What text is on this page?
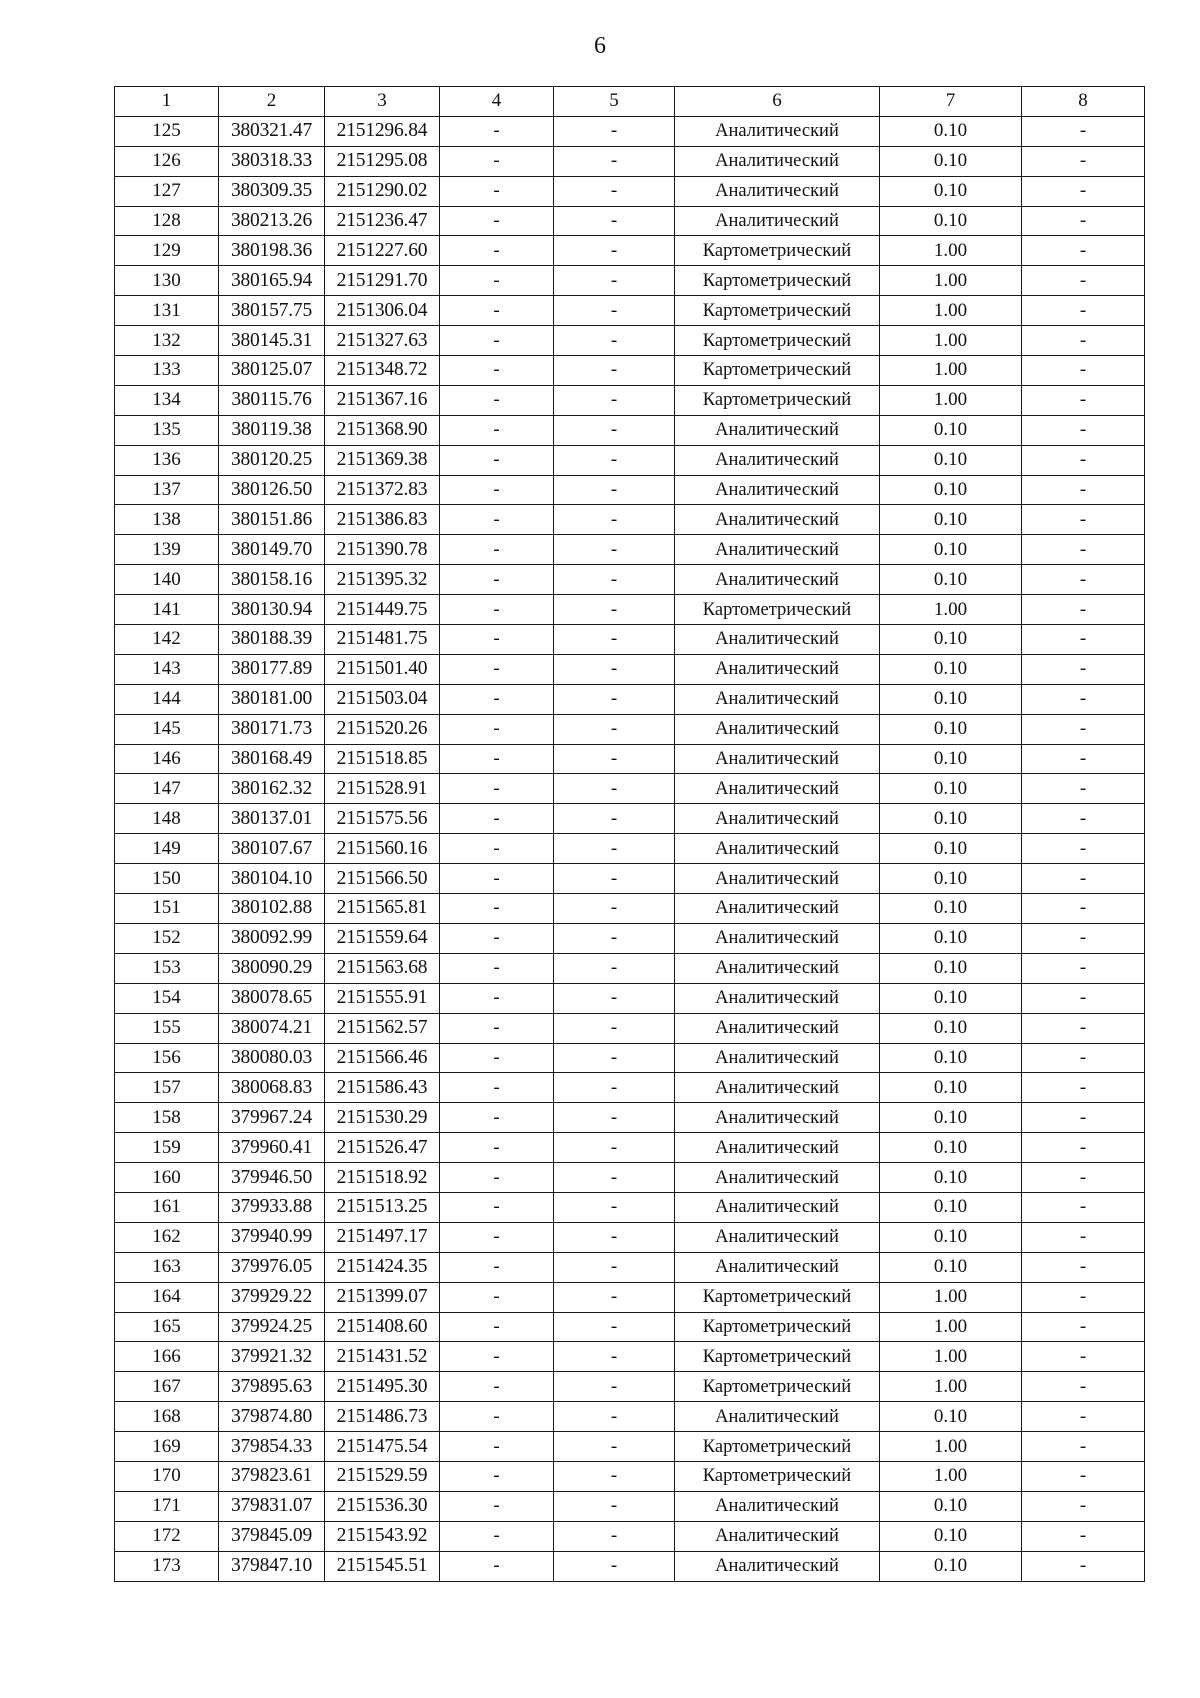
6
1	2	3	4	5	6	7	8
125	380321.47	2151296.84	-	-	Аналитический	0.10	-
126	380318.33	2151295.08	-	-	Аналитический	0.10	-
127	380309.35	2151290.02	-	-	Аналитический	0.10	-
128	380213.26	2151236.47	-	-	Аналитический	0.10	-
129	380198.36	2151227.60	-	-	Картометрический	1.00	-
130	380165.94	2151291.70	-	-	Картометрический	1.00	-
131	380157.75	2151306.04	-	-	Картометрический	1.00	-
132	380145.31	2151327.63	-	-	Картометрический	1.00	-
133	380125.07	2151348.72	-	-	Картометрический	1.00	-
134	380115.76	2151367.16	-	-	Картометрический	1.00	-
135	380119.38	2151368.90	-	-	Аналитический	0.10	-
136	380120.25	2151369.38	-	-	Аналитический	0.10	-
137	380126.50	2151372.83	-	-	Аналитический	0.10	-
138	380151.86	2151386.83	-	-	Аналитический	0.10	-
139	380149.70	2151390.78	-	-	Аналитический	0.10	-
140	380158.16	2151395.32	-	-	Аналитический	0.10	-
141	380130.94	2151449.75	-	-	Картометрический	1.00	-
142	380188.39	2151481.75	-	-	Аналитический	0.10	-
143	380177.89	2151501.40	-	-	Аналитический	0.10	-
144	380181.00	2151503.04	-	-	Аналитический	0.10	-
145	380171.73	2151520.26	-	-	Аналитический	0.10	-
146	380168.49	2151518.85	-	-	Аналитический	0.10	-
147	380162.32	2151528.91	-	-	Аналитический	0.10	-
148	380137.01	2151575.56	-	-	Аналитический	0.10	-
149	380107.67	2151560.16	-	-	Аналитический	0.10	-
150	380104.10	2151566.50	-	-	Аналитический	0.10	-
151	380102.88	2151565.81	-	-	Аналитический	0.10	-
152	380092.99	2151559.64	-	-	Аналитический	0.10	-
153	380090.29	2151563.68	-	-	Аналитический	0.10	-
154	380078.65	2151555.91	-	-	Аналитический	0.10	-
155	380074.21	2151562.57	-	-	Аналитический	0.10	-
156	380080.03	2151566.46	-	-	Аналитический	0.10	-
157	380068.83	2151586.43	-	-	Аналитический	0.10	-
158	379967.24	2151530.29	-	-	Аналитический	0.10	-
159	379960.41	2151526.47	-	-	Аналитический	0.10	-
160	379946.50	2151518.92	-	-	Аналитический	0.10	-
161	379933.88	2151513.25	-	-	Аналитический	0.10	-
162	379940.99	2151497.17	-	-	Аналитический	0.10	-
163	379976.05	2151424.35	-	-	Аналитический	0.10	-
164	379929.22	2151399.07	-	-	Картометрический	1.00	-
165	379924.25	2151408.60	-	-	Картометрический	1.00	-
166	379921.32	2151431.52	-	-	Картометрический	1.00	-
167	379895.63	2151495.30	-	-	Картометрический	1.00	-
168	379874.80	2151486.73	-	-	Аналитический	0.10	-
169	379854.33	2151475.54	-	-	Картометрический	1.00	-
170	379823.61	2151529.59	-	-	Картометрический	1.00	-
171	379831.07	2151536.30	-	-	Аналитический	0.10	-
172	379845.09	2151543.92	-	-	Аналитический	0.10	-
173	379847.10	2151545.51	-	-	Аналитический	0.10	-
